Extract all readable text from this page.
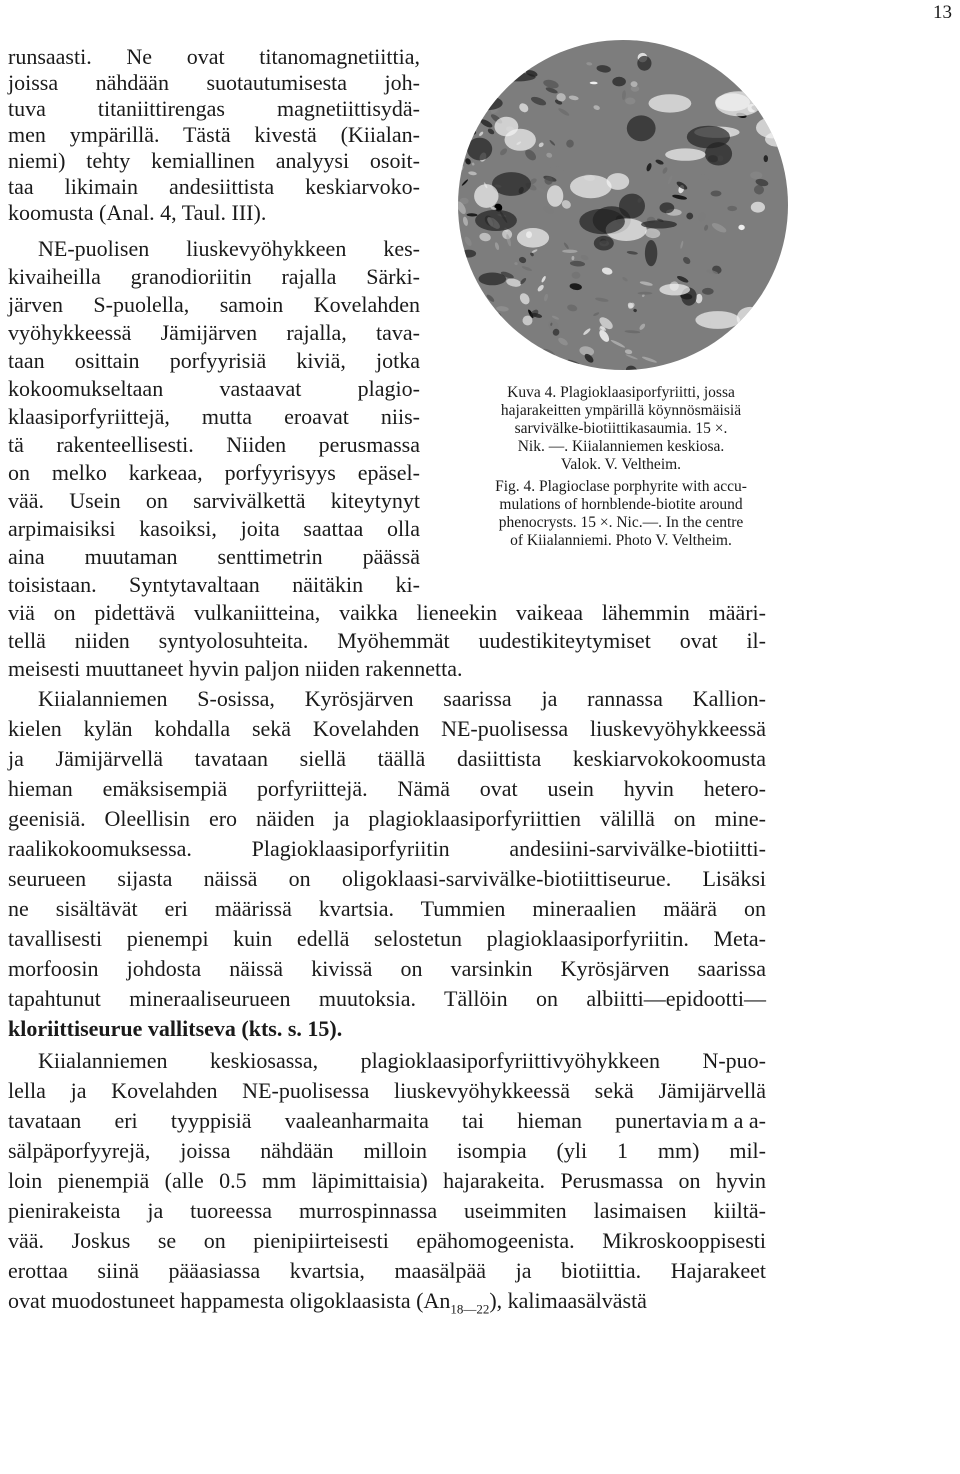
13
Kuva 4. Plagioklaasiporfyriitti, jossa
hajarakeitten ympärillä köynnösmäisiä
sarvivälke-biotiittikasaumia. 15 ×.
Nik. —. Kiialanniemen keskiosa.
Valok. V. Veltheim.
Fig. 4. Plagioclase porphyrite with accu-
mulations of hornblende-biotite around
phenocrysts. 15 ×. Nic.—. In the centre
of Kiialanniemi. Photo V. Veltheim.
runsaasti. Ne ovat titanomagnetiittia,
joissa nähdään suotautumisesta joh-
tuva titaniittirengas magnetiittisydä-
men ympärillä. Tästä kivestä (Kiialan-
niemi) tehty kemiallinen analyysi osoit-
taa likimain andesiittista keskiarvoko-
koomusta (Anal. 4, Taul. III).
NE-puolisen liuskevyöhykkeen kes-
kivaiheilla granodioriitin rajalla Särki-
järven S-puolella, samoin Kovelahden
vyöhykkeessä Jämijärven rajalla, tava-
taan osittain porfyyrisiä kiviä, jotka
kokoomukseltaan vastaavat plagio-
klaasiporfyriittejä, mutta eroavat niis-
tä rakenteellisesti. Niiden perusmassa
on melko karkeaa, porfyyrisyys epäsel-
vää. Usein on sarvivälkettä kiteytynyt
arpimaisiksi kasoiksi, joita saattaa olla
aina muutaman senttimetrin päässä
toisistaan. Syntytavaltaan näitäkin ki-
viä on pidettävä vulkaniitteina, vaikka lieneekin vaikeaa lähemmin määri-
tellä niiden syntyolosuhteita. Myöhemmät uudestikiteytymiset ovat il-
meisesti muuttaneet hyvin paljon niiden rakennetta.
Kiialanniemen S-osissa, Kyrösjärven saarissa ja rannassa Kallion-
kielen kylän kohdalla sekä Kovelahden NE-puolisessa liuskevyöhykkeessä
ja Jämijärvellä tavataan siellä täällä dasiittista keskiarvokokoomusta
hieman emäksisempiä porfyriittejä. Nämä ovat usein hyvin hetero-
geenisiä. Oleellisin ero näiden ja plagioklaasiporfyriittien välillä on mine-
raalikokoomuksessa. Plagioklaasiporfyriitin andesiini-sarvivälke-biotiitti-
seurueen sijasta näissä on oligoklaasi-sarvivälke-biotiittiseurue. Lisäksi
ne sisältävät eri määrissä kvartsia. Tummien mineraalien määrä on
tavallisesti pienempi kuin edellä selostetun plagioklaasiporfyriitin. Meta-
morfoosin johdosta näissä kivissä on varsinkin Kyrösjärven saarissa
tapahtunut mineraaliseurueen muutoksia. Tällöin on albiitti—epidootti—
kloriittiseurue vallitseva (kts. s. 15).
Kiialanniemen keskiosassa, plagioklaasiporfyriittivyöhykkeen N-puo-
lella ja Kovelahden NE-puolisessa liuskevyöhykkeessä sekä Jämijärvellä
tavataan eri tyyppisiä vaaleanharmaita tai hieman punertavia m a a-
sälpäporfyyrejä, joissa nähdään milloin isompia (yli 1 mm) mil-
loin pienempiä (alle 0.5 mm läpimittaisia) hajarakeita. Perusmassa on hyvin
pienirakeista ja tuoreessa murrospinnassa useimmiten lasimaisen kiiltä-
vää. Joskus se on pienipiirteisesti epähomogeenista. Mikroskooppisesti
erottaa siinä pääasiassa kvartsia, maasälpää ja biotiittia. Hajarakeet
ovat muodostuneet happamesta oligoklaasista $(An_{18—22})$, kalimaasälvästä
